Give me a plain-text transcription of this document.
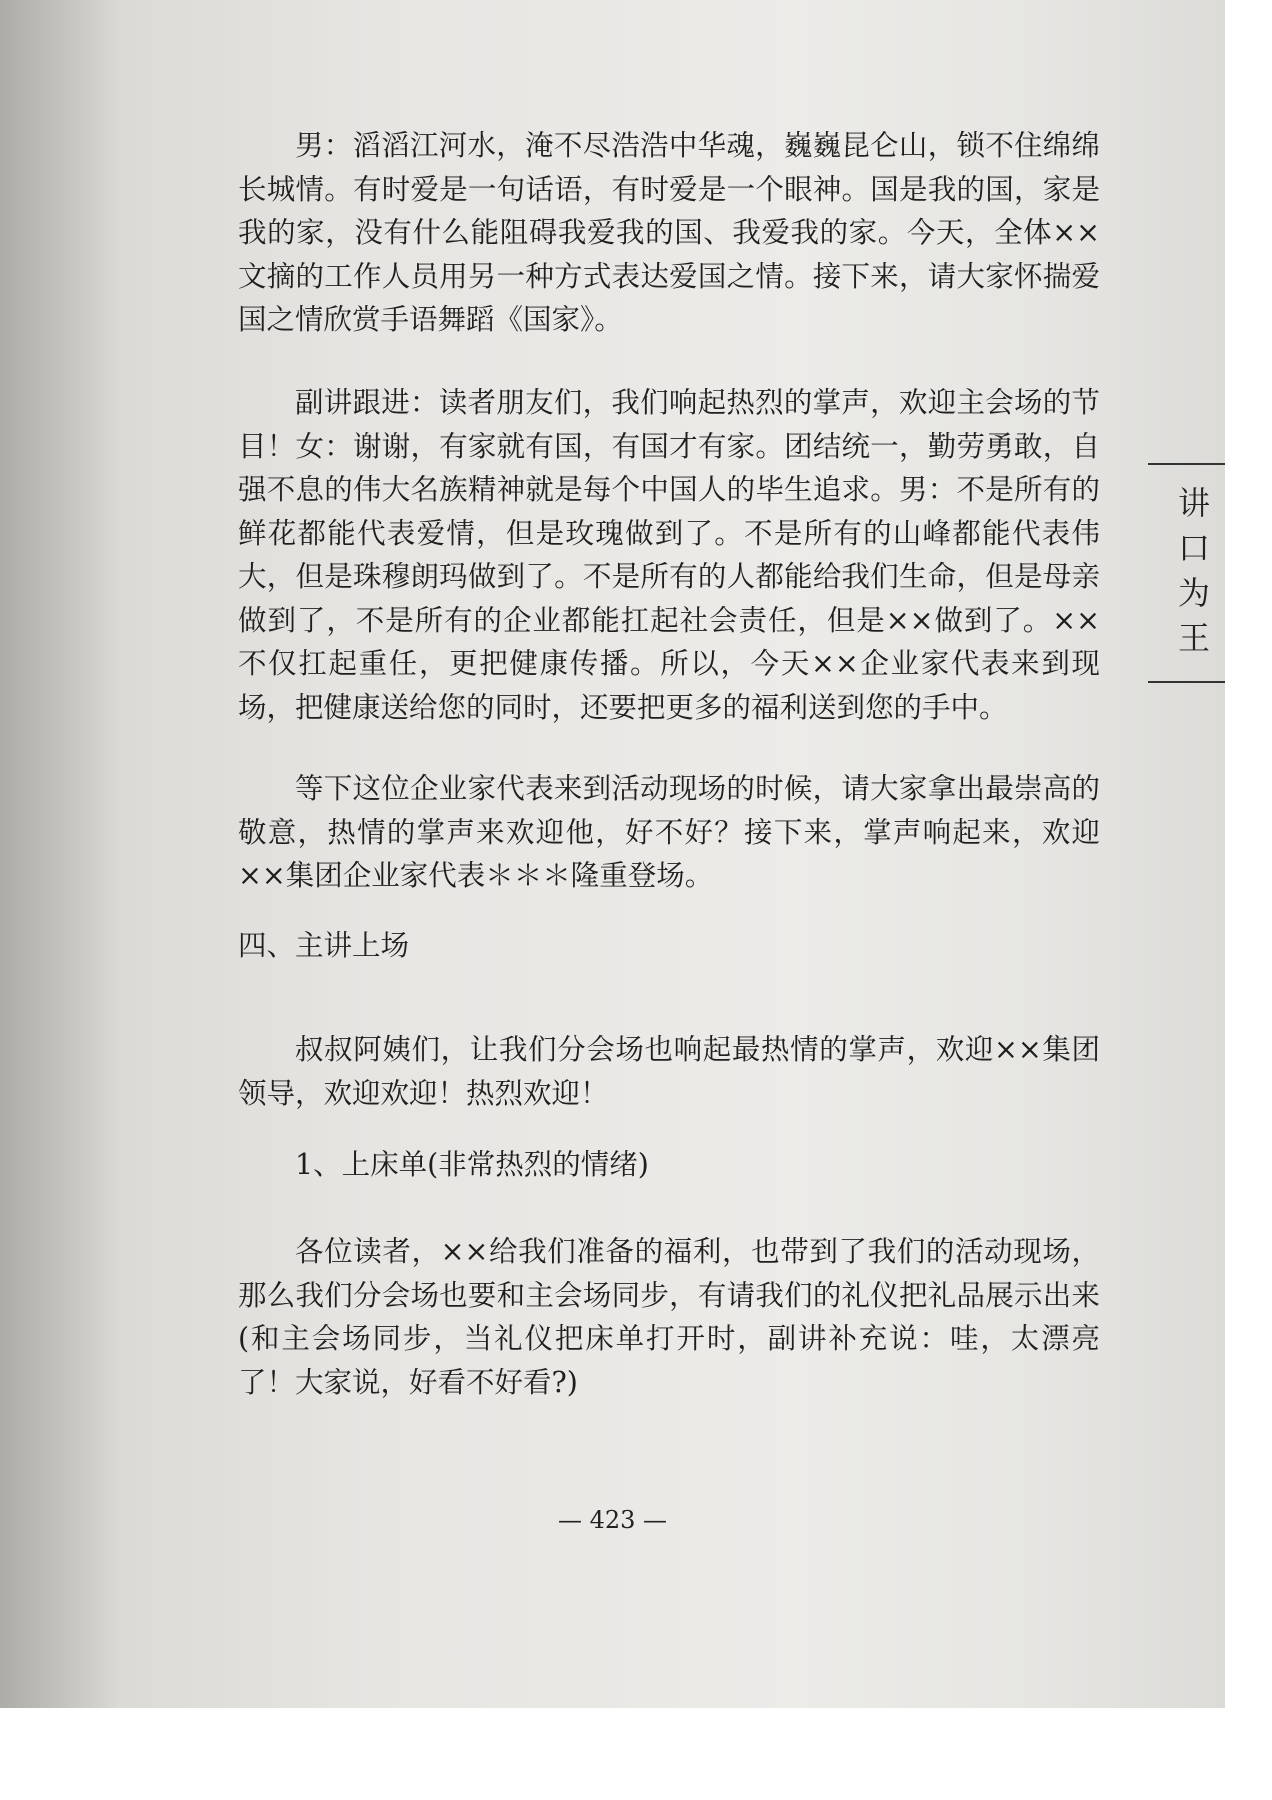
男：滔滔江河水，淹不尽浩浩中华魂，巍巍昆仑山，锁不住绵绵长城情。有时爱是一句话语，有时爱是一个眼神。国是我的国，家是我的家，没有什么能阻碍我爱我的国、我爱我的家。今天，全体××文摘的工作人员用另一种方式表达爱国之情。接下来，请大家怀揣爱国之情欣赏手语舞蹈《国家》。

副讲跟进：读者朋友们，我们响起热烈的掌声，欢迎主会场的节目！女：谢谢，有家就有国，有国才有家。团结统一，勤劳勇敢，自强不息的伟大名族精神就是每个中国人的毕生追求。男：不是所有的鲜花都能代表爱情，但是玫瑰做到了。不是所有的山峰都能代表伟大，但是珠穆朗玛做到了。不是所有的人都能给我们生命，但是母亲做到了，不是所有的企业都能扛起社会责任，但是××做到了。××不仅扛起重任，更把健康传播。所以，今天××企业家代表来到现场，把健康送给您的同时，还要把更多的福利送到您的手中。

等下这位企业家代表来到活动现场的时候，请大家拿出最崇高的敬意，热情的掌声来欢迎他，好不好？接下来，掌声响起来，欢迎××集团企业家代表＊＊＊隆重登场。

四、主讲上场

叔叔阿姨们，让我们分会场也响起最热情的掌声，欢迎××集团领导，欢迎欢迎！热烈欢迎！

1、上床单(非常热烈的情绪)

各位读者，××给我们准备的福利，也带到了我们的活动现场，那么我们分会场也要和主会场同步，有请我们的礼仪把礼品展示出来(和主会场同步，当礼仪把床单打开时，副讲补充说：哇，太漂亮了！大家说，好看不好看?)

讲口为王
— 423 —
